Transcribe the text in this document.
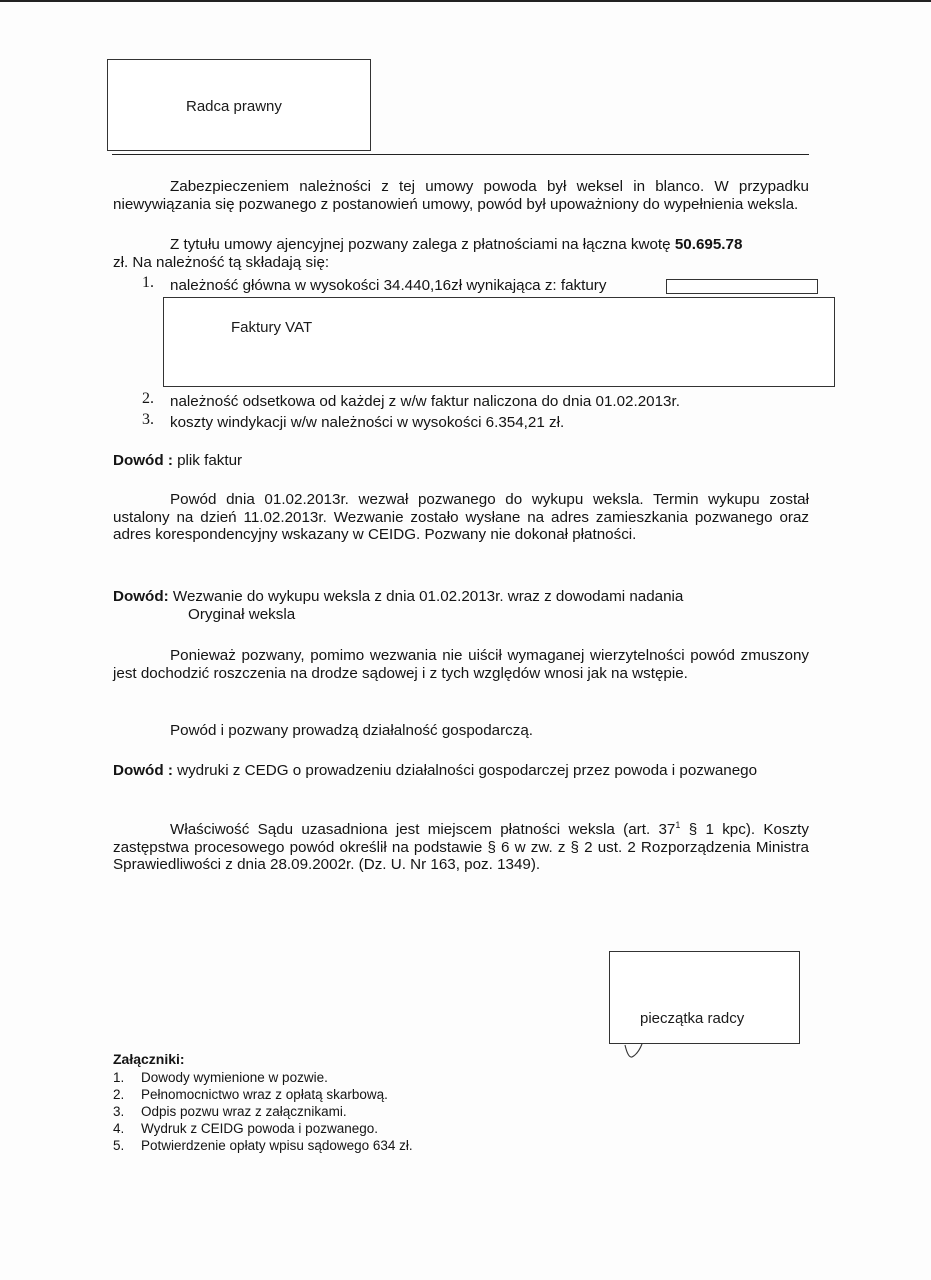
Radca prawny
Zabezpieczeniem należności z tej umowy powoda był weksel in blanco. W przypadku niewywiązania się pozwanego z postanowień umowy, powód był upoważniony do wypełnienia weksla.
Z tytułu umowy ajencyjnej pozwany zalega z płatnościami na łączna kwotę 50.695.78
zł. Na należność tą składają się:
1. należność główna w wysokości 34.440,16zł wynikająca z: faktury
Faktury VAT
2. należność odsetkowa od każdej z w/w faktur naliczona do dnia 01.02.2013r.
3. koszty windykacji w/w należności w wysokości 6.354,21 zł.
Dowód : plik faktur
Powód dnia 01.02.2013r. wezwał pozwanego do wykupu weksla. Termin wykupu został ustalony na dzień 11.02.2013r. Wezwanie zostało wysłane na adres zamieszkania pozwanego oraz adres korespondencyjny wskazany w CEIDG. Pozwany nie dokonał płatności.
Dowód: Wezwanie do wykupu weksla z dnia 01.02.2013r. wraz z dowodami nadania
Oryginał weksla
Ponieważ pozwany, pomimo wezwania nie uiścił wymaganej wierzytelności powód zmuszony jest dochodzić roszczenia na drodze sądowej i z tych względów wnosi jak na wstępie.
Powód i pozwany prowadzą działalność gospodarczą.
Dowód : wydruki z CEDG o prowadzeniu działalności gospodarczej przez powoda i pozwanego
Właściwość Sądu uzasadniona jest miejscem płatności weksla (art. $37^1$ § 1 kpc). Koszty zastępstwa procesowego powód określił na podstawie § 6 w zw. z § 2 ust. 2 Rozporządzenia Ministra Sprawiedliwości z dnia 28.09.2002r. (Dz. U. Nr 163, poz. 1349).
pieczątka radcy
Załączniki:
1. Dowody wymienione w pozwie.
2. Pełnomocnictwo wraz z opłatą skarbową.
3. Odpis pozwu wraz z załącznikami.
4. Wydruk z CEIDG powoda i pozwanego.
5. Potwierdzenie opłaty wpisu sądowego 634 zł.
